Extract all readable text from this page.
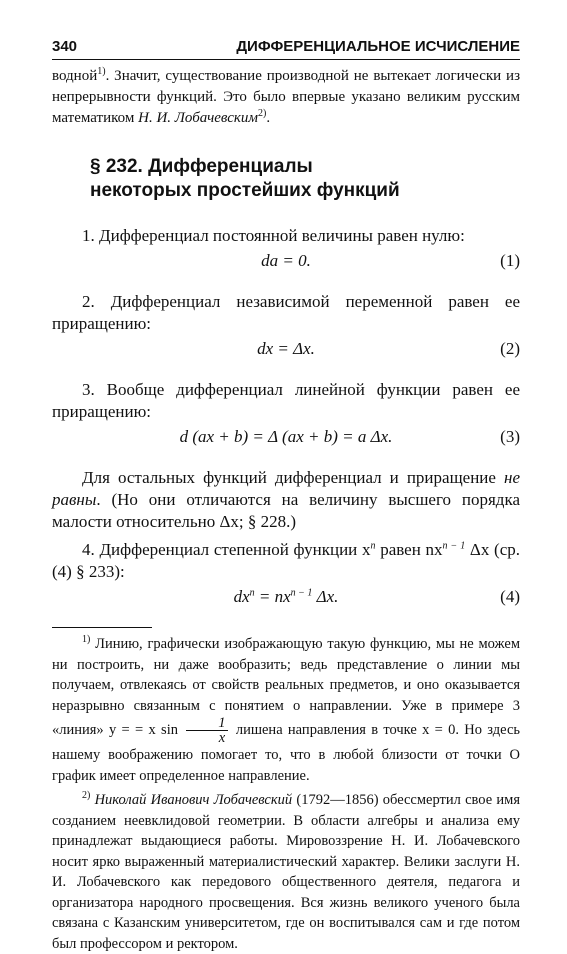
340	ДИФФЕРЕНЦИАЛЬНОЕ ИСЧИСЛЕНИЕ

водной$^{1)}$. Значит, существование производной не вытекает логически из непрерывности функций. Это было впервые указано великим русским математиком Н. И. Лобачевским$^{2)}$.

§ 232. Дифференциалы
некоторых простейших функций

1. Дифференциал постоянной величины равен нулю:

da = 0.	(1)

2. Дифференциал независимой переменной равен ее приращению:

dx = Δx.	(2)

3. Вообще дифференциал линейной функции равен ее приращению:

d (ax + b) = Δ (ax + b) = a Δx.	(3)

Для остальных функций дифференциал и приращение не равны. (Но они отличаются на величину высшего порядка малости относительно Δx; § 228.)

4. Дифференциал степенной функции $x^n$ равен $nx^{n - 1}$ Δx (ср. (4) § 233):

$dx^n = nx^{n - 1}$ Δx.	(4)

$^{1)}$ Линию, графически изображающую такую функцию, мы не можем ни построить, ни даже вообразить; ведь представление о линии мы получаем, отвлекаясь от свойств реальных предметов, и оно оказывается неразрывно связанным с понятием о направлении. Уже в примере 3 «линия» y = = x $\sin \frac{1}{x}$ лишена направления в точке x = 0. Но здесь нашему воображению помогает то, что в любой близости от точки O график имеет определенное направление.

$^{2)}$ Николай Иванович Лобачевский (1792—1856) обессмертил свое имя созданием неевклидовой геометрии. В области алгебры и анализа ему принадлежат выдающиеся работы. Мировоззрение Н. И. Лобачевского носит ярко выраженный материалистический характер. Велики заслуги Н. И. Лобачевского как передового общественного деятеля, педагога и организатора народного просвещения. Вся жизнь великого ученого была связана с Казанским университетом, где он воспитывался сам и где потом был профессором и ректором.
